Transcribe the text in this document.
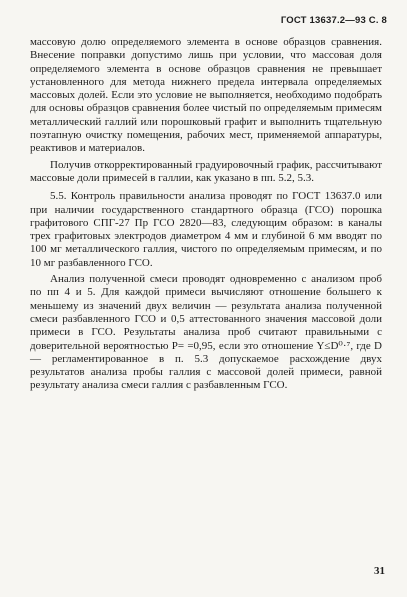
ГОСТ 13637.2—93 С. 8

массовую долю определяемого элемента в основе образцов сравнения. Внесение поправки допустимо лишь при условии, что массовая доля определяемого элемента в основе образцов сравнения не превышает установленного для метода нижнего предела интервала определяемых массовых долей. Если это условие не выполняется, необходимо подобрать для основы образцов сравнения более чистый по определяемым примесям металлический галлий или порошковый графит и выполнить тщательную поэтапную очистку помещения, рабочих мест, применяемой аппаратуры, реактивов и материалов.

Получив откорректированный градуировочный график, рассчитывают массовые доли примесей в галлии, как указано в пп. 5.2, 5.3.

5.5. Контроль правильности анализа проводят по ГОСТ 13637.0 или при наличии государственного стандартного образца (ГСО) порошка графитового СПГ-27 Пр ГСО 2820—83, следующим образом: в каналы трех графитовых электродов диаметром 4 мм и глубиной 6 мм вводят по 100 мг металлического галлия, чистого по определяемым примесям, и по 10 мг разбавленного ГСО.

Анализ полученной смеси проводят одновременно с анализом проб по пп 4 и 5. Для каждой примеси вычисляют отношение большего к меньшему из значений двух величин — результата анализа полученной смеси разбавленного ГСО и 0,5 аттестованного значения массовой доли примеси в ГСО. Результаты анализа проб считают правильными с доверительной вероятностью P= =0,95, если это отношение Y≤D⁰·⁷, где D — регламентированное в п. 5.3 допускаемое расхождение двух результатов анализа пробы галлия с массовой долей примеси, равной результату анализа смеси галлия с разбавленным ГСО.

31
